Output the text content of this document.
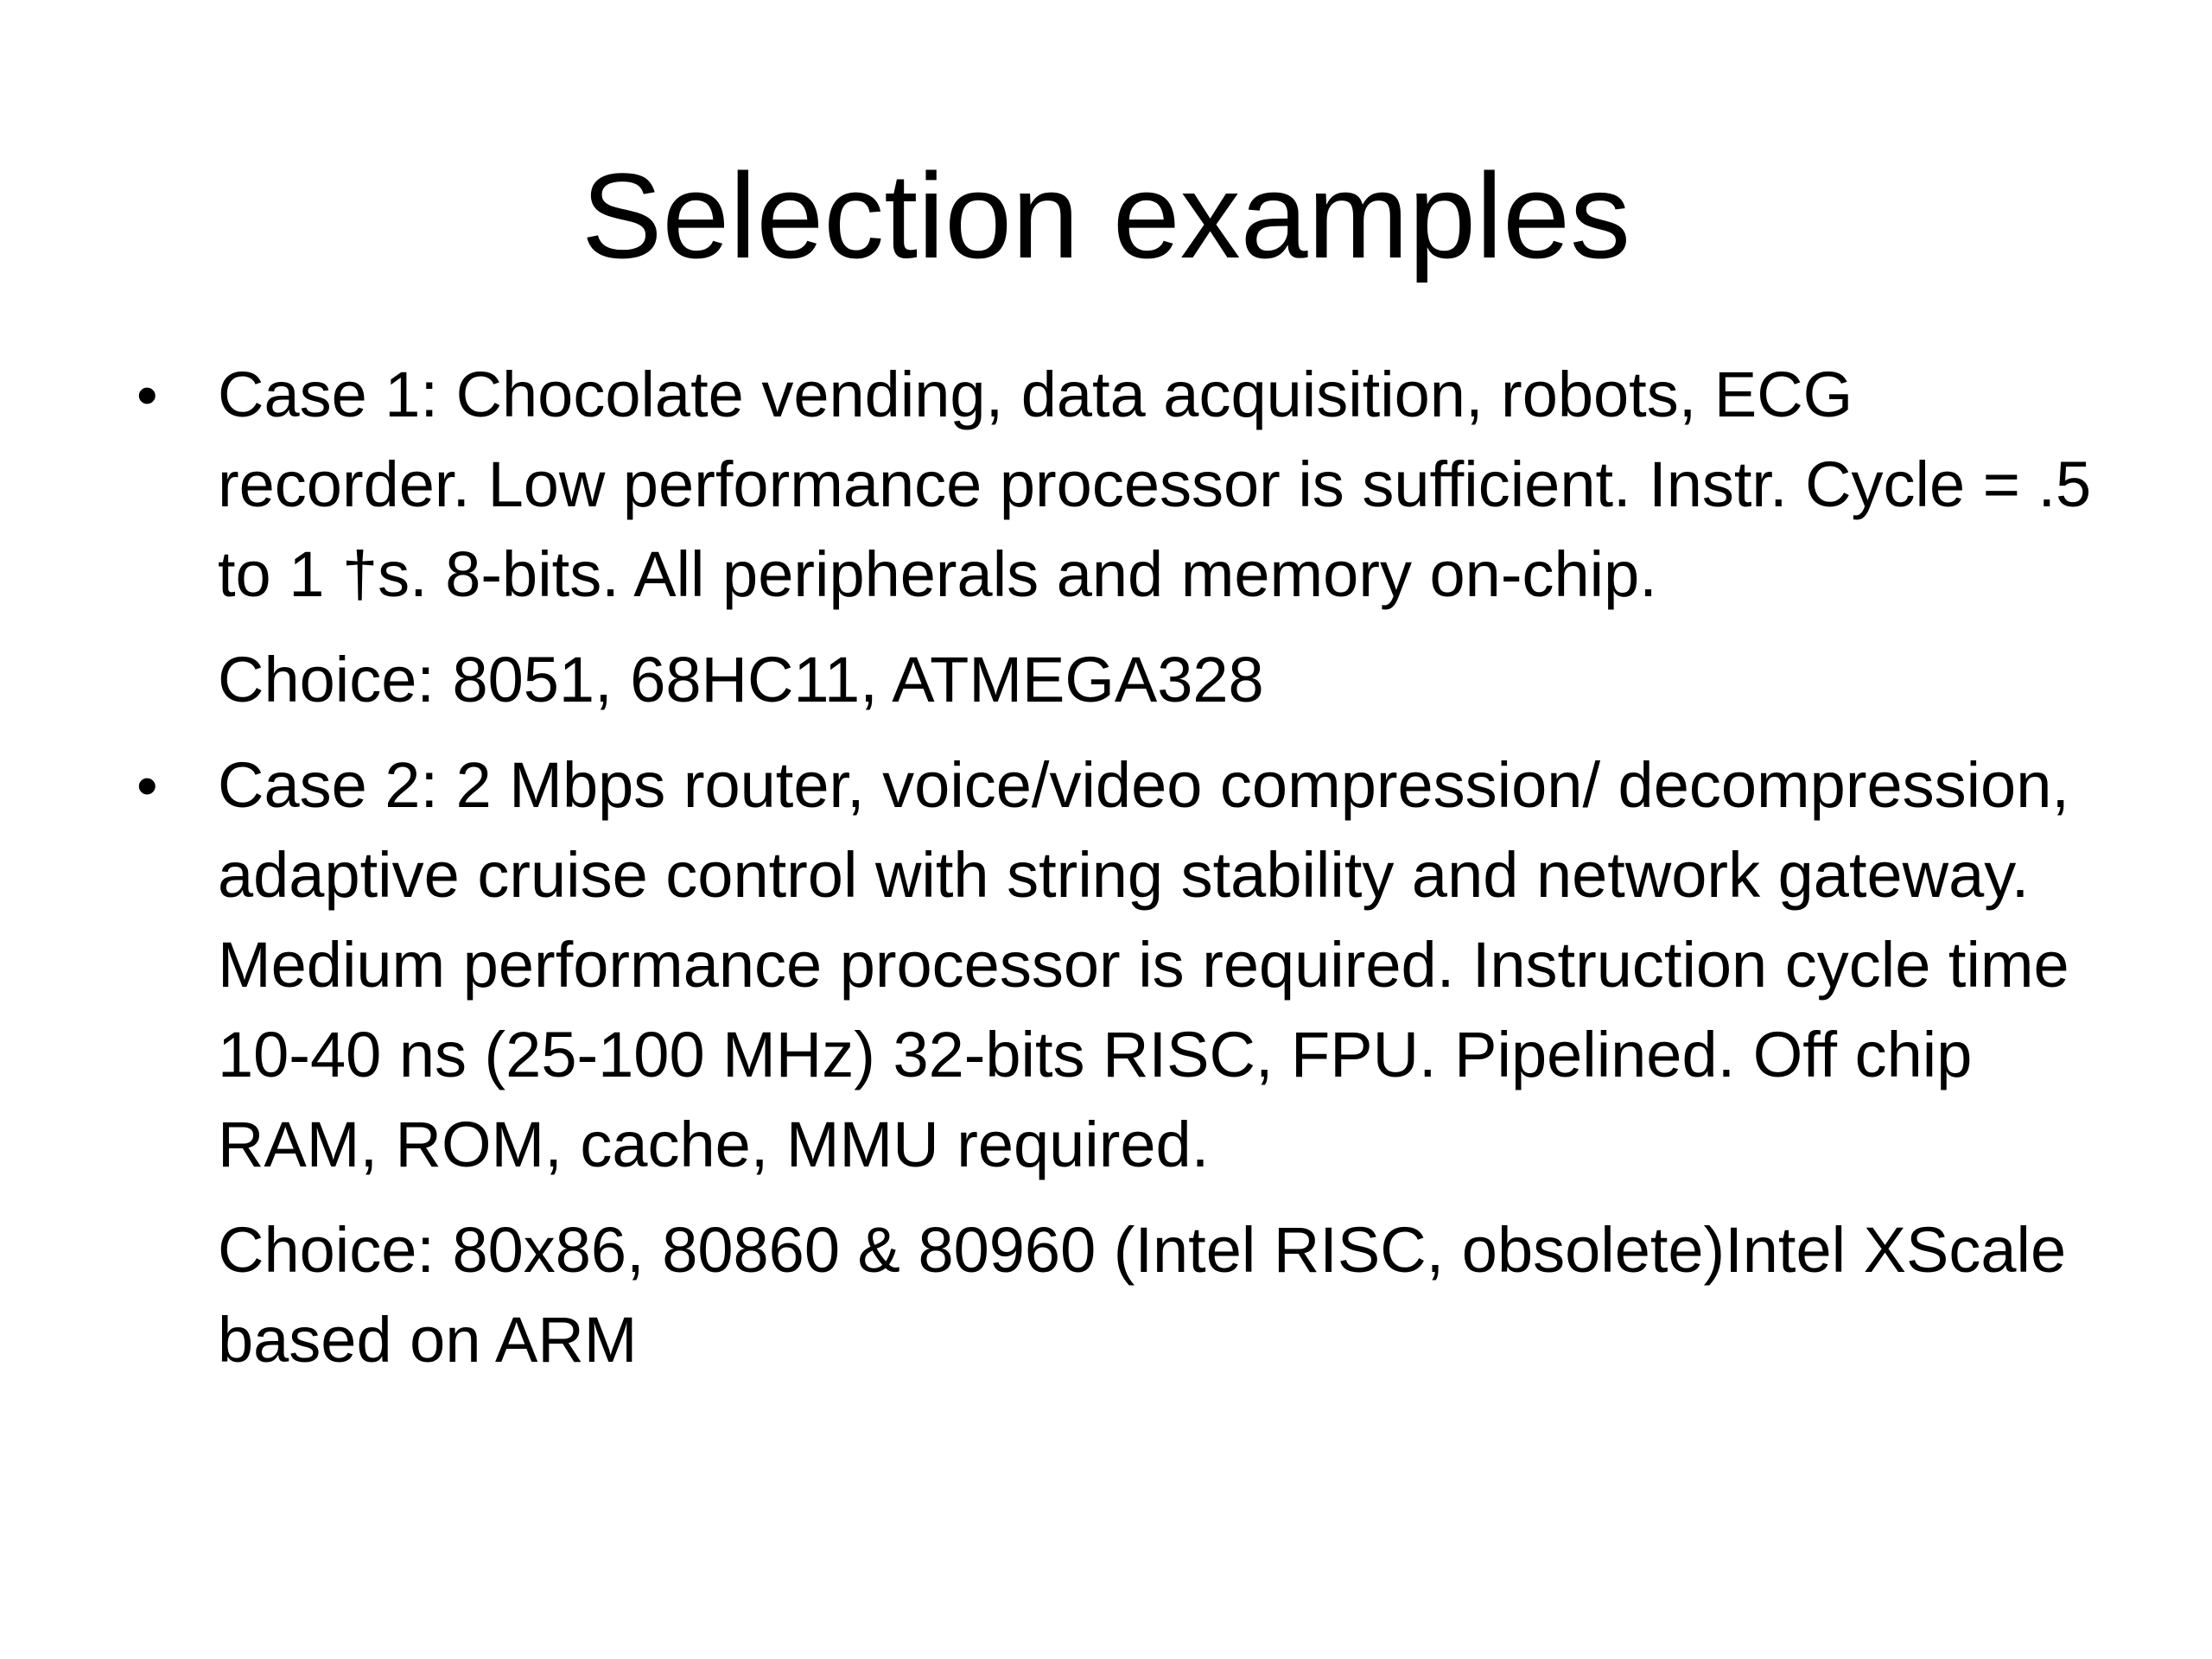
Selection examples
• Case 1: Chocolate vending, data acquisition, robots, ECG recorder. Low performance processor is sufficient. Instr. Cycle = .5 to 1 †s. 8-bits. All peripherals and memory on-chip.

Choice: 8051, 68HC11, ATMEGA328

• Case 2: 2 Mbps router, voice/video compression/ decompression, adaptive cruise control with string stability and network gateway. Medium performance processor is required. Instruction cycle time 10-40 ns (25-100 MHz) 32-bits RISC, FPU. Pipelined. Off chip RAM, ROM, cache, MMU required.

Choice: 80x86, 80860 & 80960 (Intel RISC, obsolete)Intel XScale based on ARM
